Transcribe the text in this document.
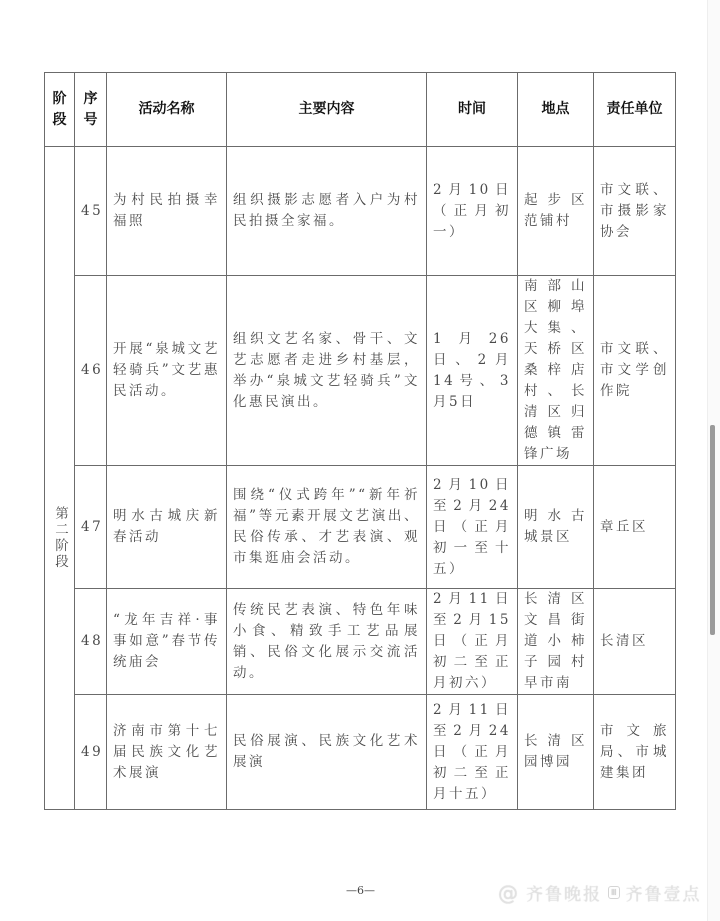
阶段	序号	活动名称	主要内容	时间	地点	责任单位
第二阶段	45	为村民拍摄幸福照	组织摄影志愿者入户为村民拍摄全家福。	2月10日（正月初一）	起步区范铺村	市文联、市摄影家协会
	46	开展“泉城文艺轻骑兵”文艺惠民活动。	组织文艺名家、骨干、文艺志愿者走进乡村基层，举办“泉城文艺轻骑兵”文化惠民演出。	1月26日、2月14号、3月5日	南部山区柳埠大集、天桥区桑梓店村、长清区归德镇雷锋广场	市文联、市文学创作院
	47	明水古城庆新春活动	围绕“仪式跨年”“新年祈福”等元素开展文艺演出、民俗传承、才艺表演、观市集逛庙会活动。	2月10日至2月24日（正月初一至十五）	明水古城景区	章丘区
	48	“龙年吉祥·事事如意”春节传统庙会	传统民艺表演、特色年味小食、精致手工艺品展销、民俗文化展示交流活动。	2月11日至2月15日（正月初二至正月初六）	长清区文昌街道小柿子园村早市南	长清区
	49	济南市第十七届民族文化艺术展演	民俗展演、民族文化艺术展演	2月11日至2月24日（正月初二至正月十五）	长清区园博园	市文旅局、市城建集团
—6—	@ 齐鲁晚报	Ⅲ 齐鲁壹点
